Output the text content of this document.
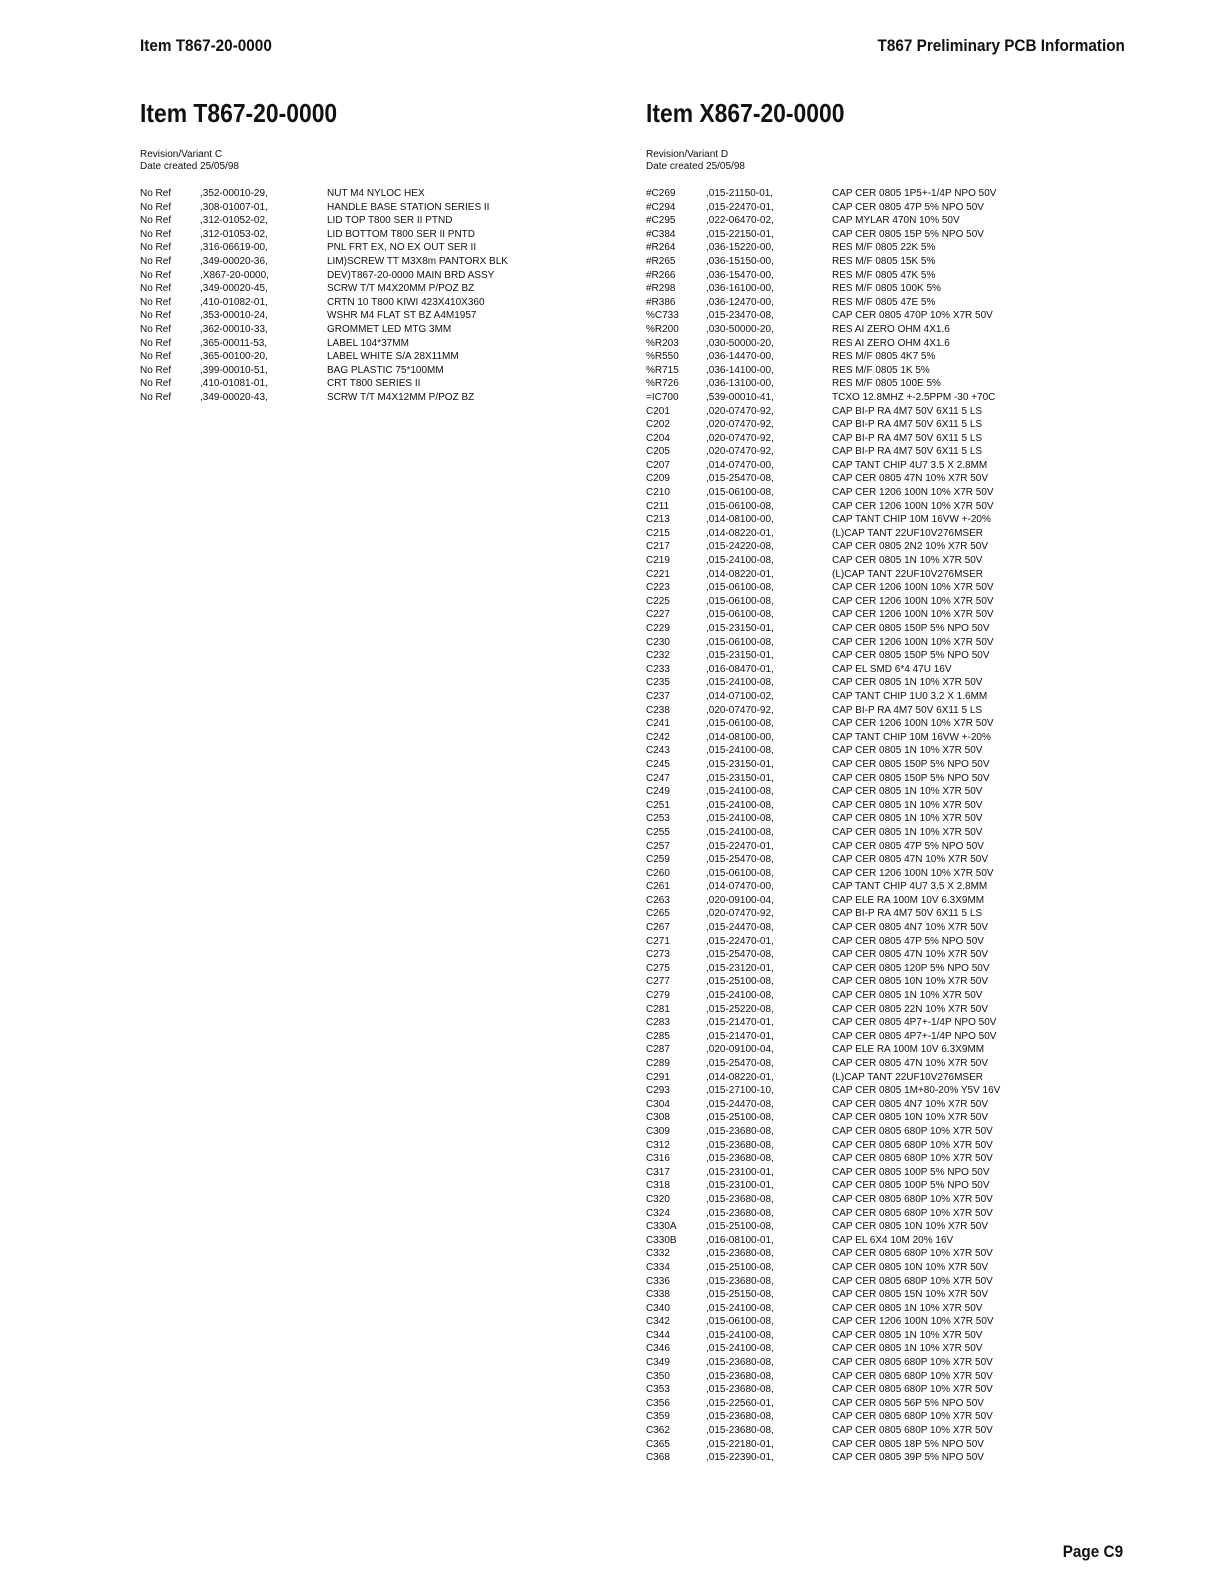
Item T867-20-0000	T867 Preliminary PCB Information
Item T867-20-0000
Revision/Variant C
Date created 25/05/98
No Ref	,352-00010-29,	NUT M4 NYLOC HEX
No Ref	,308-01007-01,	HANDLE BASE STATION SERIES II
No Ref	,312-01052-02,	LID TOP T800 SER II PTND
No Ref	,312-01053-02,	LID BOTTOM T800 SER II PNTD
No Ref	,316-06619-00,	PNL FRT EX, NO EX OUT SER II
No Ref	,349-00020-36,	LIM)SCREW TT M3X8m PANTORX BLK
No Ref	,X867-20-0000,	DEV)T867-20-0000 MAIN BRD ASSY
No Ref	,349-00020-45,	SCRW T/T M4X20MM P/POZ BZ
No Ref	,410-01082-01,	CRTN 10 T800 KIWI 423X410X360
No Ref	,353-00010-24,	WSHR M4 FLAT ST BZ A4M1957
No Ref	,362-00010-33,	GROMMET LED MTG 3MM
No Ref	,365-00011-53,	LABEL 104*37MM
No Ref	,365-00100-20,	LABEL WHITE S/A 28X11MM
No Ref	,399-00010-51,	BAG PLASTIC 75*100MM
No Ref	,410-01081-01,	CRT T800 SERIES II
No Ref	,349-00020-43,	SCRW T/T M4X12MM P/POZ BZ
Item X867-20-0000
Revision/Variant D
Date created 25/05/98
#C269	,015-21150-01,	CAP CER 0805 1P5+-1/4P NPO 50V
#C294	,015-22470-01,	CAP CER 0805 47P 5% NPO 50V
#C295	,022-06470-02,	CAP MYLAR 470N 10% 50V
#C384	,015-22150-01,	CAP CER 0805 15P 5% NPO 50V
#R264	,036-15220-00,	RES M/F 0805 22K 5%
#R265	,036-15150-00,	RES M/F 0805 15K 5%
#R266	,036-15470-00,	RES M/F 0805 47K 5%
#R298	,036-16100-00,	RES M/F 0805 100K 5%
#R386	,036-12470-00,	RES M/F 0805 47E 5%
%C733	,015-23470-08,	CAP CER 0805 470P 10% X7R 50V
%R200	,030-50000-20,	RES AI ZERO OHM 4X1.6
%R203	,030-50000-20,	RES AI ZERO OHM 4X1.6
%R550	,036-14470-00,	RES M/F 0805 4K7 5%
%R715	,036-14100-00,	RES M/F 0805 1K 5%
%R726	,036-13100-00,	RES M/F 0805 100E 5%
=IC700	,539-00010-41,	TCXO 12.8MHZ +-2.5PPM -30 +70C
C201	,020-07470-92,	CAP BI-P RA 4M7 50V 6X11 5 LS
C202	,020-07470-92,	CAP BI-P RA 4M7 50V 6X11 5 LS
C204	,020-07470-92,	CAP BI-P RA 4M7 50V 6X11 5 LS
C205	,020-07470-92,	CAP BI-P RA 4M7 50V 6X11 5 LS
C207	,014-07470-00,	CAP TANT CHIP 4U7 3.5 X 2.8MM
C209	,015-25470-08,	CAP CER 0805 47N 10% X7R 50V
C210	,015-06100-08,	CAP CER 1206 100N 10% X7R 50V
C211	,015-06100-08,	CAP CER 1206 100N 10% X7R 50V
C213	,014-08100-00,	CAP TANT CHIP 10M 16VW +-20%
C215	,014-08220-01,	(L)CAP TANT 22UF10V276MSER
C217	,015-24220-08,	CAP CER 0805 2N2 10% X7R 50V
C219	,015-24100-08,	CAP CER 0805 1N 10% X7R 50V
C221	,014-08220-01,	(L)CAP TANT 22UF10V276MSER
C223	,015-06100-08,	CAP CER 1206 100N 10% X7R 50V
C225	,015-06100-08,	CAP CER 1206 100N 10% X7R 50V
C227	,015-06100-08,	CAP CER 1206 100N 10% X7R 50V
C229	,015-23150-01,	CAP CER 0805 150P 5% NPO 50V
C230	,015-06100-08,	CAP CER 1206 100N 10% X7R 50V
C232	,015-23150-01,	CAP CER 0805 150P 5% NPO 50V
C233	,016-08470-01,	CAP EL SMD 6*4 47U 16V
C235	,015-24100-08,	CAP CER 0805 1N 10% X7R 50V
C237	,014-07100-02,	CAP TANT CHIP 1U0 3.2 X 1.6MM
C238	,020-07470-92,	CAP BI-P RA 4M7 50V 6X11 5 LS
C241	,015-06100-08,	CAP CER 1206 100N 10% X7R 50V
C242	,014-08100-00,	CAP TANT CHIP 10M 16VW +-20%
C243	,015-24100-08,	CAP CER 0805 1N 10% X7R 50V
C245	,015-23150-01,	CAP CER 0805 150P 5% NPO 50V
C247	,015-23150-01,	CAP CER 0805 150P 5% NPO 50V
C249	,015-24100-08,	CAP CER 0805 1N 10% X7R 50V
C251	,015-24100-08,	CAP CER 0805 1N 10% X7R 50V
C253	,015-24100-08,	CAP CER 0805 1N 10% X7R 50V
C255	,015-24100-08,	CAP CER 0805 1N 10% X7R 50V
C257	,015-22470-01,	CAP CER 0805 47P 5% NPO 50V
C259	,015-25470-08,	CAP CER 0805 47N 10% X7R 50V
C260	,015-06100-08,	CAP CER 1206 100N 10% X7R 50V
C261	,014-07470-00,	CAP TANT CHIP 4U7 3.5 X 2.8MM
C263	,020-09100-04,	CAP ELE RA 100M 10V 6.3X9MM
C265	,020-07470-92,	CAP BI-P RA 4M7 50V 6X11 5 LS
C267	,015-24470-08,	CAP CER 0805 4N7 10% X7R 50V
C271	,015-22470-01,	CAP CER 0805 47P 5% NPO 50V
C273	,015-25470-08,	CAP CER 0805 47N 10% X7R 50V
C275	,015-23120-01,	CAP CER 0805 120P 5% NPO 50V
C277	,015-25100-08,	CAP CER 0805 10N 10% X7R 50V
C279	,015-24100-08,	CAP CER 0805 1N 10% X7R 50V
C281	,015-25220-08,	CAP CER 0805 22N 10% X7R 50V
C283	,015-21470-01,	CAP CER 0805 4P7+-1/4P NPO 50V
C285	,015-21470-01,	CAP CER 0805 4P7+-1/4P NPO 50V
C287	,020-09100-04,	CAP ELE RA 100M 10V 6.3X9MM
C289	,015-25470-08,	CAP CER 0805 47N 10% X7R 50V
C291	,014-08220-01,	(L)CAP TANT 22UF10V276MSER
C293	,015-27100-10,	CAP CER 0805 1M+80-20% Y5V 16V
C304	,015-24470-08,	CAP CER 0805 4N7 10% X7R 50V
C308	,015-25100-08,	CAP CER 0805 10N 10% X7R 50V
C309	,015-23680-08,	CAP CER 0805 680P 10% X7R 50V
C312	,015-23680-08,	CAP CER 0805 680P 10% X7R 50V
C316	,015-23680-08,	CAP CER 0805 680P 10% X7R 50V
C317	,015-23100-01,	CAP CER 0805 100P 5% NPO 50V
C318	,015-23100-01,	CAP CER 0805 100P 5% NPO 50V
C320	,015-23680-08,	CAP CER 0805 680P 10% X7R 50V
C324	,015-23680-08,	CAP CER 0805 680P 10% X7R 50V
C330A	,015-25100-08,	CAP CER 0805 10N 10% X7R 50V
C330B	,016-08100-01,	CAP EL 6X4 10M 20% 16V
C332	,015-23680-08,	CAP CER 0805 680P 10% X7R 50V
C334	,015-25100-08,	CAP CER 0805 10N 10% X7R 50V
C336	,015-23680-08,	CAP CER 0805 680P 10% X7R 50V
C338	,015-25150-08,	CAP CER 0805 15N 10% X7R 50V
C340	,015-24100-08,	CAP CER 0805 1N 10% X7R 50V
C342	,015-06100-08,	CAP CER 1206 100N 10% X7R 50V
C344	,015-24100-08,	CAP CER 0805 1N 10% X7R 50V
C346	,015-24100-08,	CAP CER 0805 1N 10% X7R 50V
C349	,015-23680-08,	CAP CER 0805 680P 10% X7R 50V
C350	,015-23680-08,	CAP CER 0805 680P 10% X7R 50V
C353	,015-23680-08,	CAP CER 0805 680P 10% X7R 50V
C356	,015-22560-01,	CAP CER 0805 56P 5% NPO 50V
C359	,015-23680-08,	CAP CER 0805 680P 10% X7R 50V
C362	,015-23680-08,	CAP CER 0805 680P 10% X7R 50V
C365	,015-22180-01,	CAP CER 0805 18P 5% NPO 50V
C368	,015-22390-01,	CAP CER 0805 39P 5% NPO 50V
Page C9
